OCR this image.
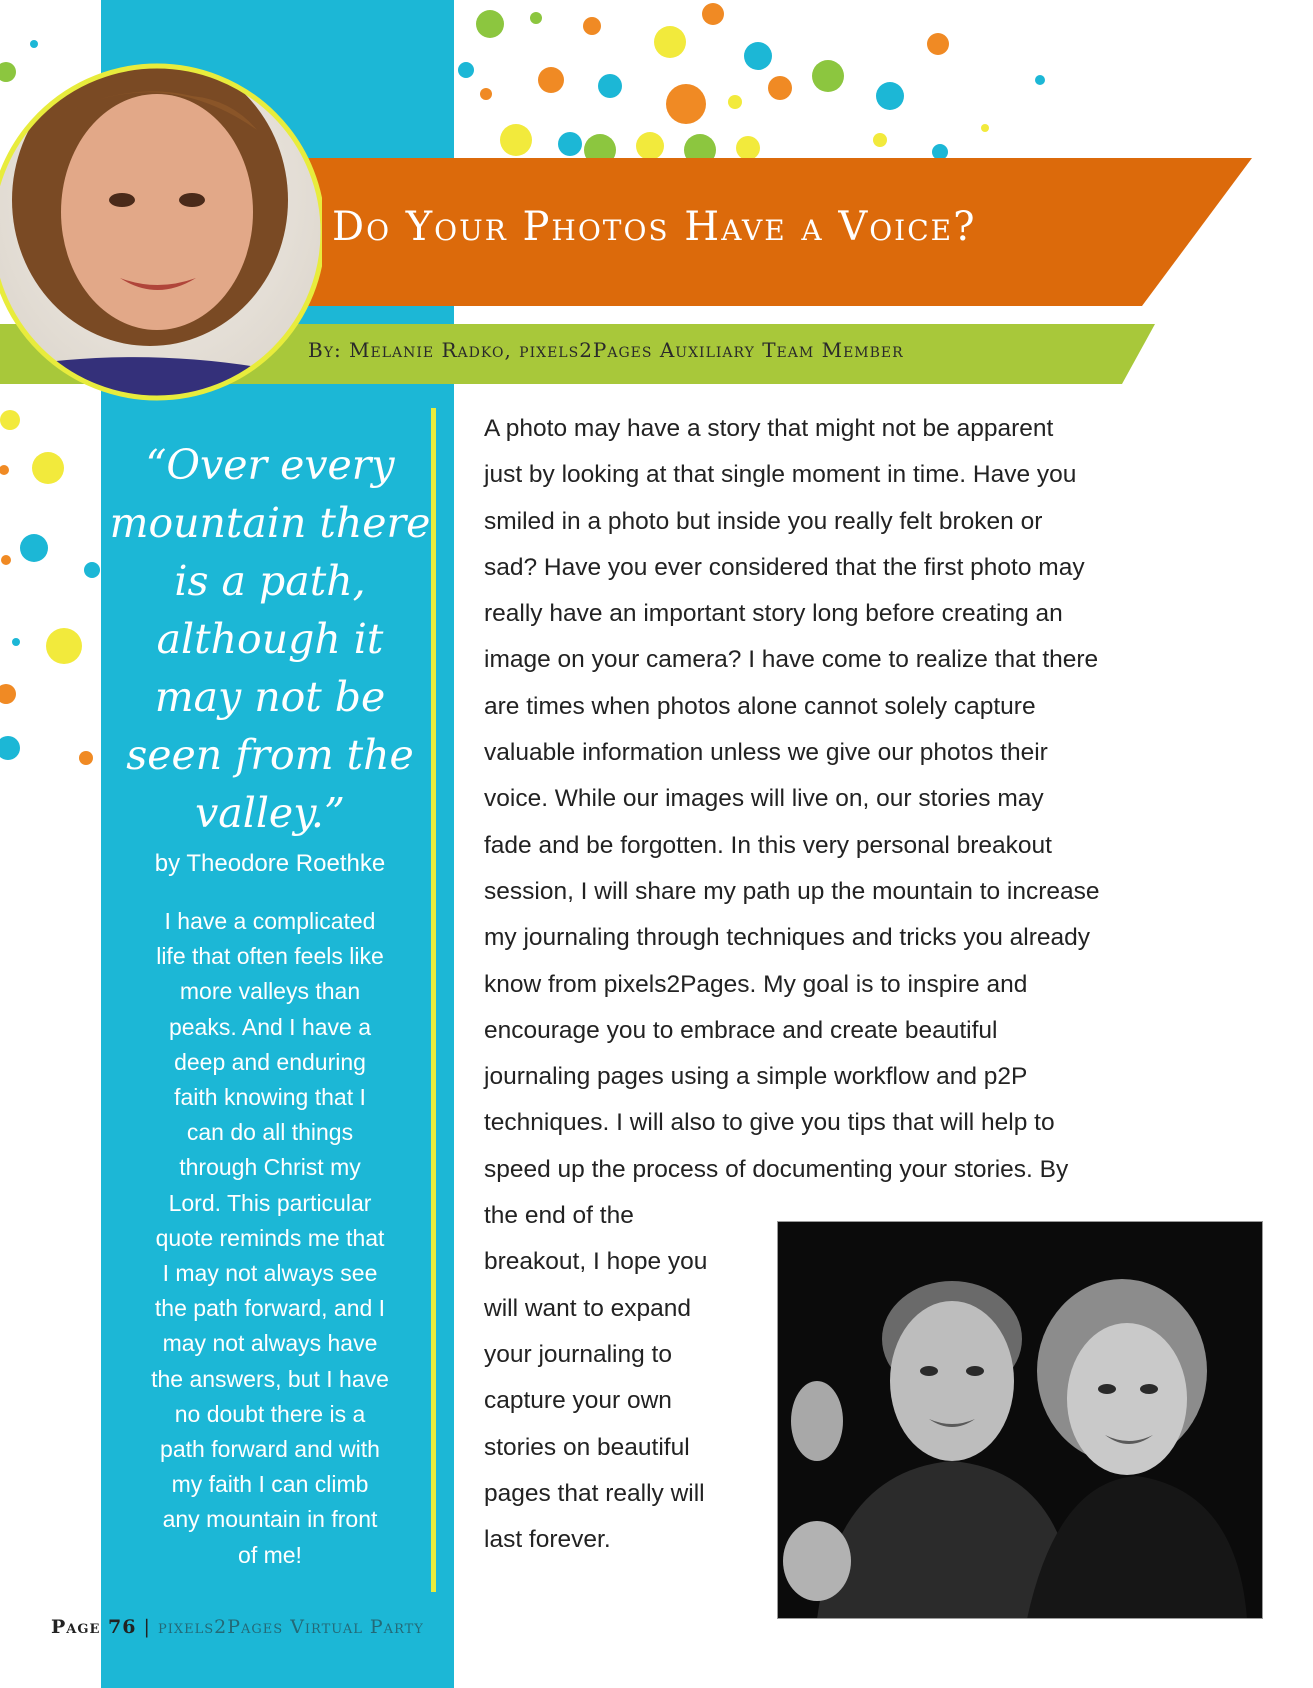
Do Your Photos Have a Voice?
By: Melanie Radko, pixels2Pages Auxiliary Team Member
“Over every
mountain there
is a path,
although it
may not be
seen from the
valley.”
by Theodore Roethke
I have a complicated
life that often feels like
more valleys than
peaks. And I have a
deep and enduring
faith knowing that I
can do all things
through Christ my
Lord. This particular
quote reminds me that
I may not always see
the path forward, and I
may not always have
the answers, but I have
no doubt there is a
path forward and with
my faith I can climb
any mountain in front
of me!
A photo may have a story that might not be apparent
just by looking at that single moment in time. Have you
smiled in a photo but inside you really felt broken or
sad? Have you ever considered that the first photo may
really have an important story long before creating an
image on your camera? I have come to realize that there
are times when photos alone cannot solely capture
valuable information unless we give our photos their
voice. While our images will live on, our stories may
fade and be forgotten. In this very personal breakout
session, I will share my path up the mountain to increase
my journaling through techniques and tricks you already
know from pixels2Pages. My goal is to inspire and
encourage you to embrace and create beautiful
journaling pages using a simple workflow and p2P
techniques. I will also to give you tips that will help to
speed up the process of documenting your stories. By
the end of the
breakout, I hope you
will want to expand
your journaling to
capture your own
stories on beautiful
pages that really will
last forever.
Page 76 | pixels2Pages Virtual Party
